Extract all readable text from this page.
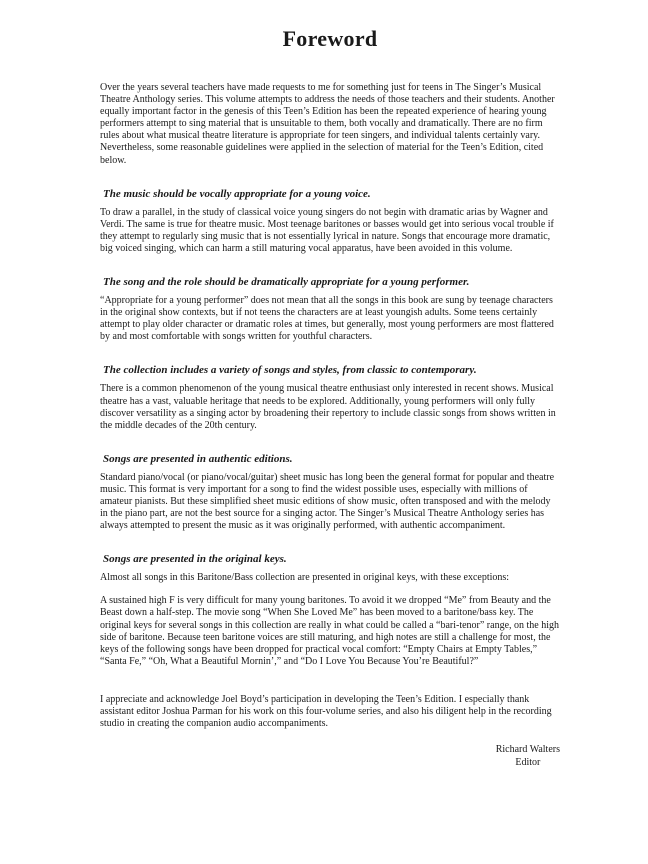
Foreword

Over the years several teachers have made requests to me for something just for teens in The Singer’s Musical Theatre Anthology series. This volume attempts to address the needs of those teachers and their students. Another equally important factor in the genesis of this Teen’s Edition has been the repeated experience of hearing young performers attempt to sing material that is unsuitable to them, both vocally and dramatically. There are no firm rules about what musical theatre literature is appropriate for teen singers, and individual talents certainly vary. Nevertheless, some reasonable guidelines were applied in the selection of material for the Teen’s Edition, cited below.

The music should be vocally appropriate for a young voice.

To draw a parallel, in the study of classical voice young singers do not begin with dramatic arias by Wagner and Verdi. The same is true for theatre music. Most teenage baritones or basses would get into serious vocal trouble if they attempt to regularly sing music that is not essentially lyrical in nature. Songs that encourage more dramatic, big voiced singing, which can harm a still maturing vocal apparatus, have been avoided in this volume.

The song and the role should be dramatically appropriate for a young performer.

“Appropriate for a young performer” does not mean that all the songs in this book are sung by teenage characters in the original show contexts, but if not teens the characters are at least youngish adults. Some teens certainly attempt to play older character or dramatic roles at times, but generally, most young performers are most flattered by and most comfortable with songs written for youthful characters.

The collection includes a variety of songs and styles, from classic to contemporary.

There is a common phenomenon of the young musical theatre enthusiast only interested in recent shows. Musical theatre has a vast, valuable heritage that needs to be explored. Additionally, young performers will only fully discover versatility as a singing actor by broadening their repertory to include classic songs from shows written in the middle decades of the 20th century.

Songs are presented in authentic editions.

Standard piano/vocal (or piano/vocal/guitar) sheet music has long been the general format for popular and theatre music. This format is very important for a song to find the widest possible uses, especially with millions of amateur pianists. But these simplified sheet music editions of show music, often transposed and with the melody in the piano part, are not the best source for a singing actor. The Singer’s Musical Theatre Anthology series has always attempted to present the music as it was originally performed, with authentic accompaniment.

Songs are presented in the original keys.

Almost all songs in this Baritone/Bass collection are presented in original keys, with these exceptions:

A sustained high F is very difficult for many young baritones. To avoid it we dropped “Me” from Beauty and the Beast down a half-step. The movie song “When She Loved Me” has been moved to a baritone/bass key. The original keys for several songs in this collection are really in what could be called a “bari-tenor” range, on the high side of baritone. Because teen baritone voices are still maturing, and high notes are still a challenge for most, the keys of the following songs have been dropped for practical vocal comfort: “Empty Chairs at Empty Tables,” “Santa Fe,” “Oh, What a Beautiful Mornin’,” and “Do I Love You Because You’re Beautiful?”

I appreciate and acknowledge Joel Boyd’s participation in developing the Teen’s Edition. I especially thank assistant editor Joshua Parman for his work on this four-volume series, and also his diligent help in the recording studio in creating the companion audio accompaniments.

Richard Walters
Editor
